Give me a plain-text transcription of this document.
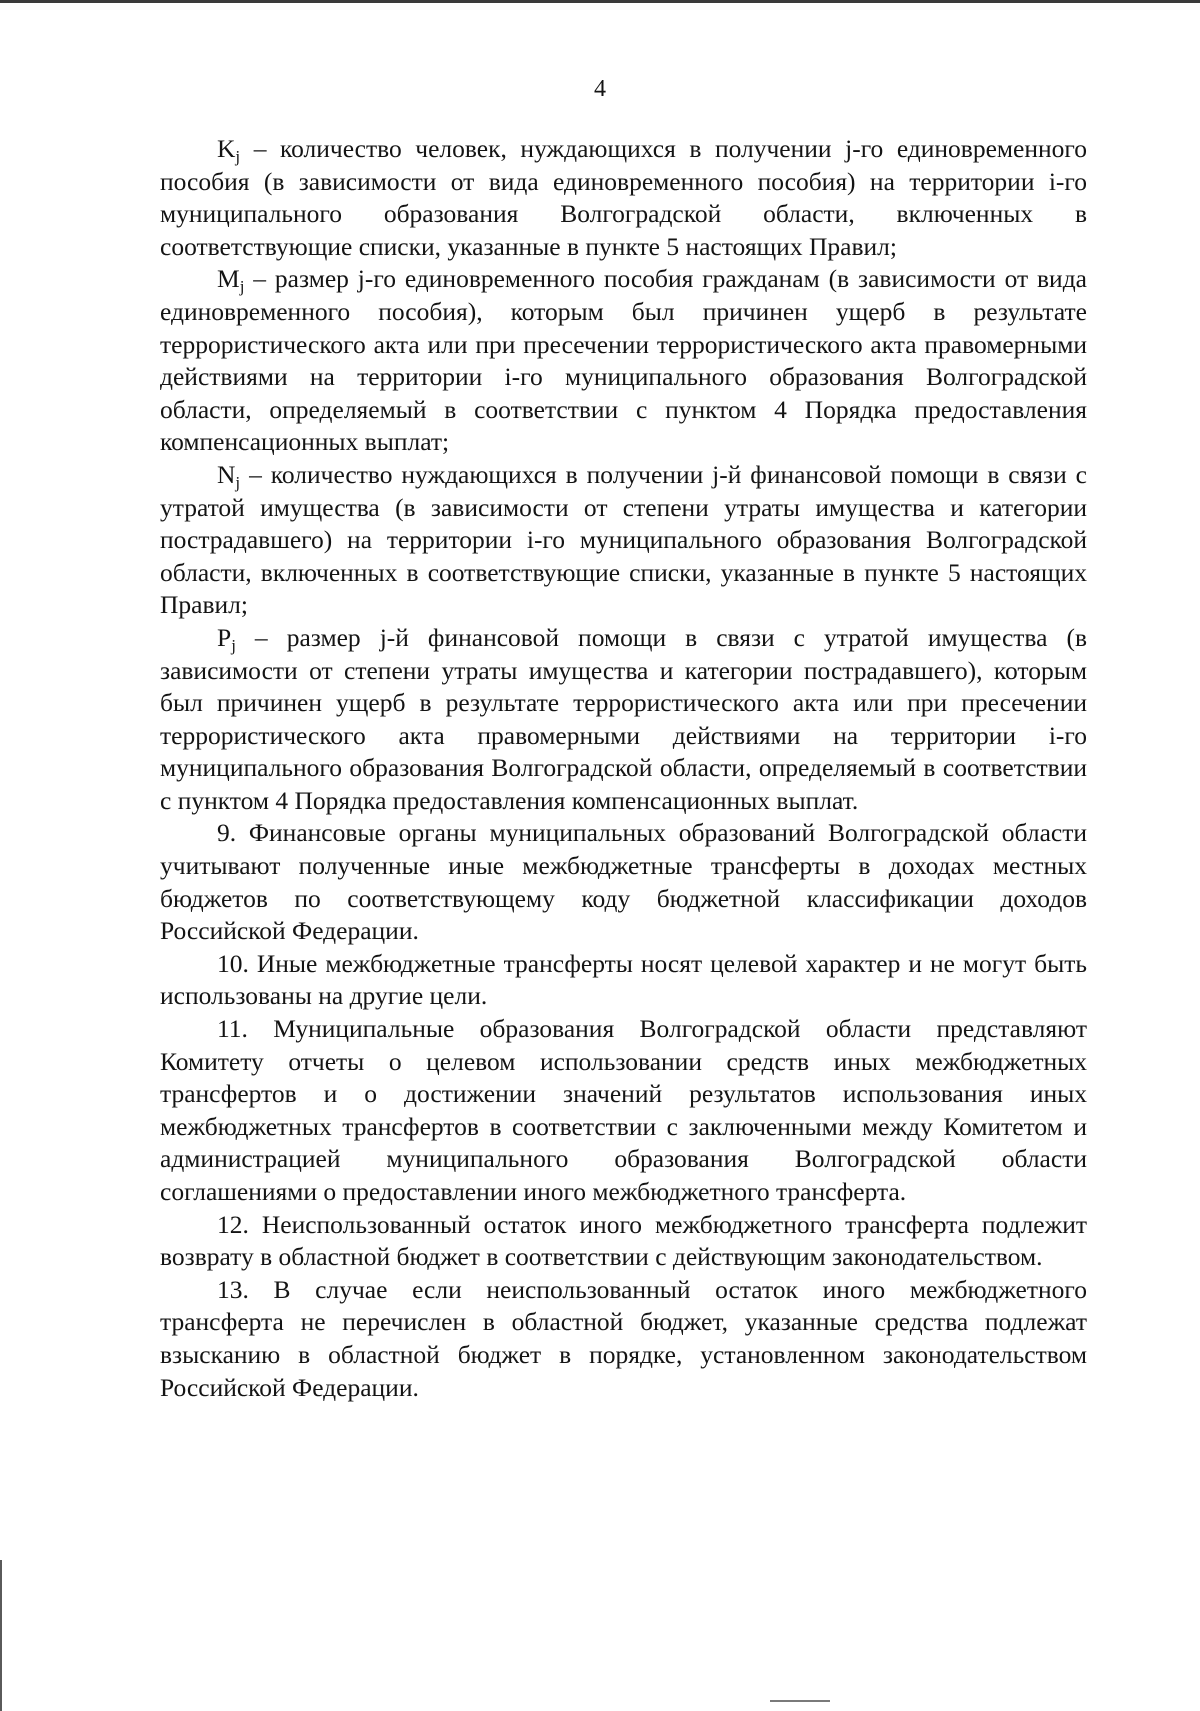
4

$K_j$ – количество человек, нуждающихся в получении j-го единовременного пособия (в зависимости от вида единовременного пособия) на территории i-го муниципального образования Волгоградской области, включенных в соответствующие списки, указанные в пункте 5 настоящих Правил;

$M_j$ – размер j-го единовременного пособия гражданам (в зависимости от вида единовременного пособия), которым был причинен ущерб в результате террористического акта или при пресечении террористического акта правомерными действиями на территории i-го муниципального образования Волгоградской области, определяемый в соответствии с пунктом 4 Порядка предоставления компенсационных выплат;

$N_j$ – количество нуждающихся в получении j-й финансовой помощи в связи с утратой имущества (в зависимости от степени утраты имущества и категории пострадавшего) на территории i-го муниципального образования Волгоградской области, включенных в соответствующие списки, указанные в пункте 5 настоящих Правил;

$P_j$ – размер j-й финансовой помощи в связи с утратой имущества (в зависимости от степени утраты имущества и категории пострадавшего), которым был причинен ущерб в результате террористического акта или при пресечении террористического акта правомерными действиями на территории i-го муниципального образования Волгоградской области, определяемый в соответствии с пунктом 4 Порядка предоставления компенсационных выплат.

9. Финансовые органы муниципальных образований Волгоградской области учитывают полученные иные межбюджетные трансферты в доходах местных бюджетов по соответствующему коду бюджетной классификации доходов Российской Федерации.

10. Иные межбюджетные трансферты носят целевой характер и не могут быть использованы на другие цели.

11. Муниципальные образования Волгоградской области представляют Комитету отчеты о целевом использовании средств иных межбюджетных трансфертов и о достижении значений результатов использования иных межбюджетных трансфертов в соответствии с заключенными между Комитетом и администрацией муниципального образования Волгоградской области соглашениями о предоставлении иного межбюджетного трансферта.

12. Неиспользованный остаток иного межбюджетного трансферта подлежит возврату в областной бюджет в соответствии с действующим законодательством.

13. В случае если неиспользованный остаток иного межбюджетного трансферта не перечислен в областной бюджет, указанные средства подлежат взысканию в областной бюджет в порядке, установленном законодательством Российской Федерации.
